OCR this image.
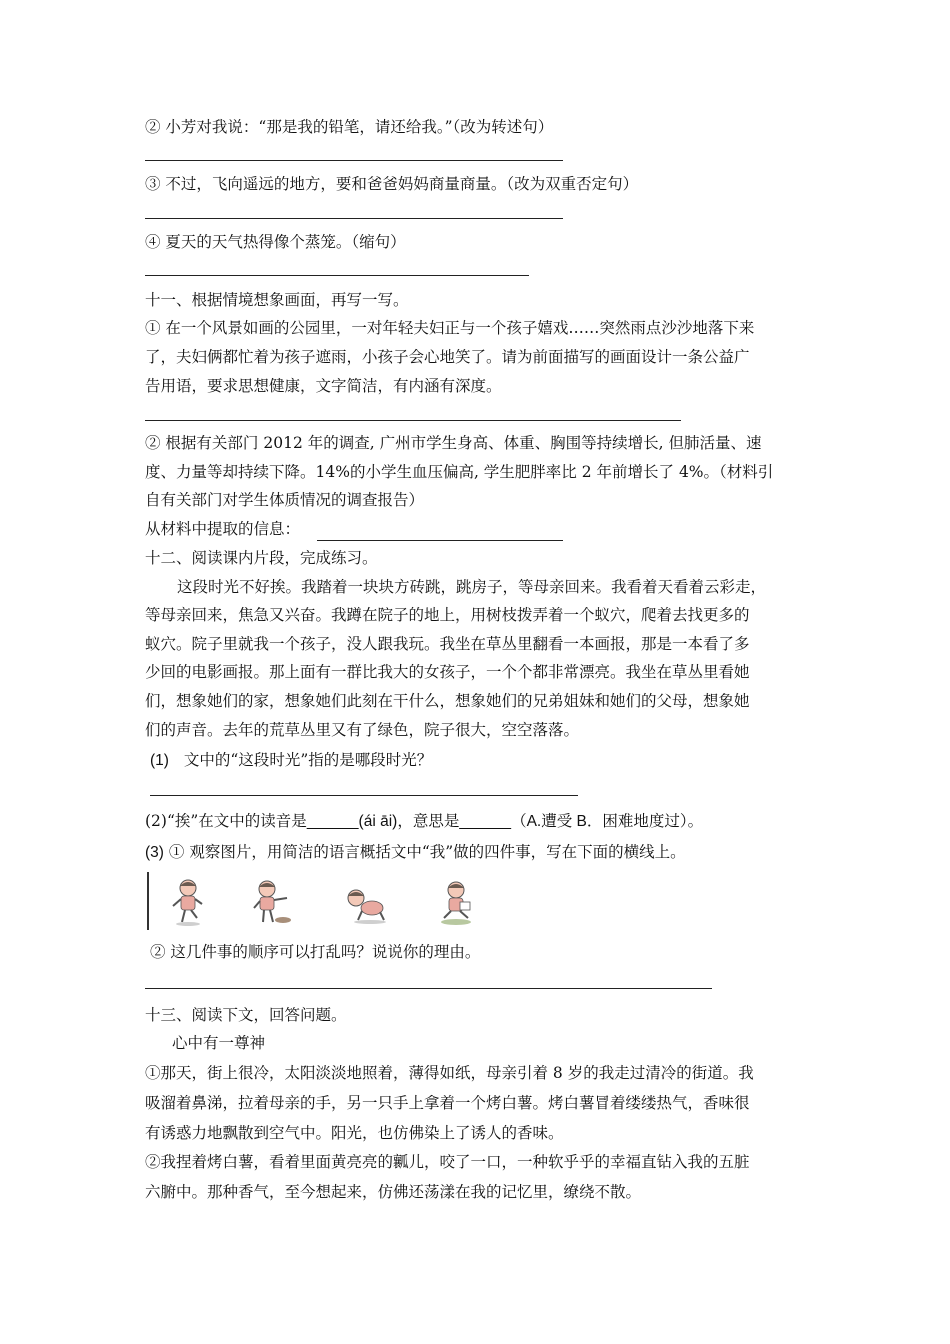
② 小芳对我说：“那是我的铅笔，请还给我。”（改为转述句）
③ 不过，飞向遥远的地方，要和爸爸妈妈商量商量。（改为双重否定句）
④ 夏天的天气热得像个蒸笼。（缩句）
十一、根据情境想象画面，再写一写。
① 在一个风景如画的公园里，一对年轻夫妇正与一个孩子嬉戏……突然雨点沙沙地落下来
了，夫妇俩都忙着为孩子遮雨，小孩子会心地笑了。请为前面描写的画面设计一条公益广
告用语，要求思想健康，文字简洁，有内涵有深度。
② 根据有关部门 2012 年的调查, 广州市学生身高、体重、胸围等持续增长, 但肺活量、速
度、力量等却持续下降。14%的小学生血压偏高, 学生肥胖率比 2 年前增长了 4%。（材料引
自有关部门对学生体质情况的调查报告）
从材料中提取的信息：
十二、阅读课内片段，完成练习。
这段时光不好挨。我踏着一块块方砖跳，跳房子，等母亲回来。我看着天看着云彩走，
等母亲回来，焦急又兴奋。我蹲在院子的地上，用树枝拨弄着一个蚁穴，爬着去找更多的
蚁穴。院子里就我一个孩子，没人跟我玩。我坐在草丛里翻看一本画报，那是一本看了多
少回的电影画报。那上面有一群比我大的女孩子，一个个都非常漂亮。我坐在草丛里看她
们，想象她们的家，想象她们此刻在干什么，想象她们的兄弟姐妹和她们的父母，想象她
们的声音。去年的荒草丛里又有了绿色，院子很大，空空落落。
(1) 文中的“这段时光”指的是哪段时光？
(2)“挨”在文中的读音是______(ái āi)，意思是______（A.遭受 B．困难地度过）。
(3) ① 观察图片，用简洁的语言概括文中“我”做的四件事，写在下面的横线上。
② 这几件事的顺序可以打乱吗？说说你的理由。
十三、阅读下文，回答问题。
心中有一尊神
①那天，街上很冷，太阳淡淡地照着，薄得如纸，母亲引着 8 岁的我走过清冷的街道。我
吸溜着鼻涕，拉着母亲的手，另一只手上拿着一个烤白薯。烤白薯冒着缕缕热气，香味很
有诱惑力地飘散到空气中。阳光，也仿佛染上了诱人的香味。
②我捏着烤白薯，看着里面黄亮亮的瓤儿，咬了一口，一种软乎乎的幸福直钻入我的五脏
六腑中。那种香气，至今想起来，仿佛还荡漾在我的记忆里，缭绕不散。
